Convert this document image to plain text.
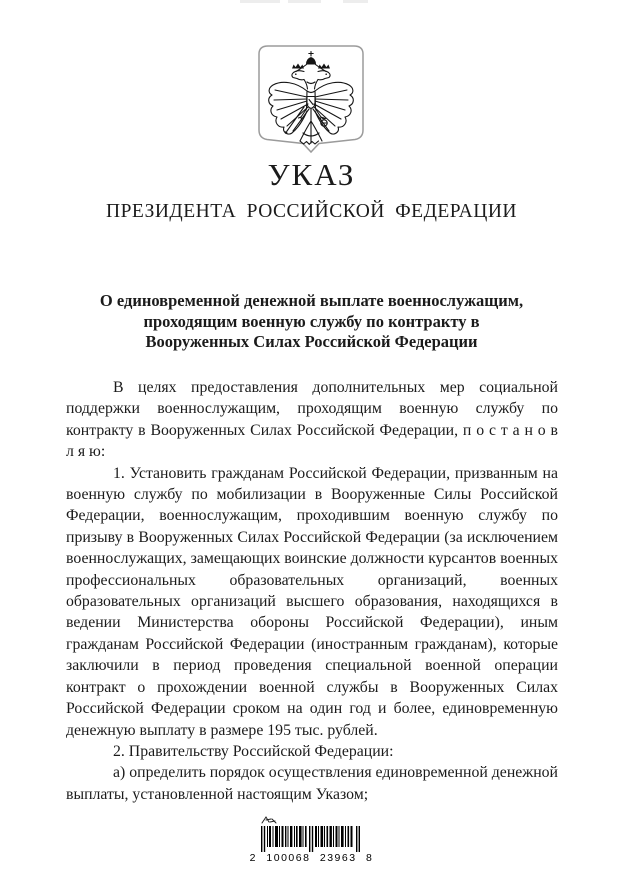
УКАЗ
ПРЕЗИДЕНТА РОССИЙСКОЙ ФЕДЕРАЦИИ
О единовременной денежной выплате военнослужащим,
проходящим военную службу по контракту в
Вооруженных Силах Российской Федерации

В целях предоставления дополнительных мер социальной поддержки военнослужащим, проходящим военную службу по контракту в Вооруженных Силах Российской Федерации, п о с т а н о в л я ю:

1. Установить гражданам Российской Федерации, призванным на военную службу по мобилизации в Вооруженные Силы Российской Федерации, военнослужащим, проходившим военную службу по призыву в Вооруженных Силах Российской Федерации (за исключением военнослужащих, замещающих воинские должности курсантов военных профессиональных образовательных организаций, военных образовательных организаций высшего образования, находящихся в ведении Министерства обороны Российской Федерации), иным гражданам Российской Федерации (иностранным гражданам), которые заключили в период проведения специальной военной операции контракт о прохождении военной службы в Вооруженных Силах Российской Федерации сроком на один год и более, единовременную денежную выплату в размере 195 тыс. рублей.

2. Правительству Российской Федерации:

а) определить порядок осуществления единовременной денежной выплаты, установленной настоящим Указом;

2 100068 23963 8
